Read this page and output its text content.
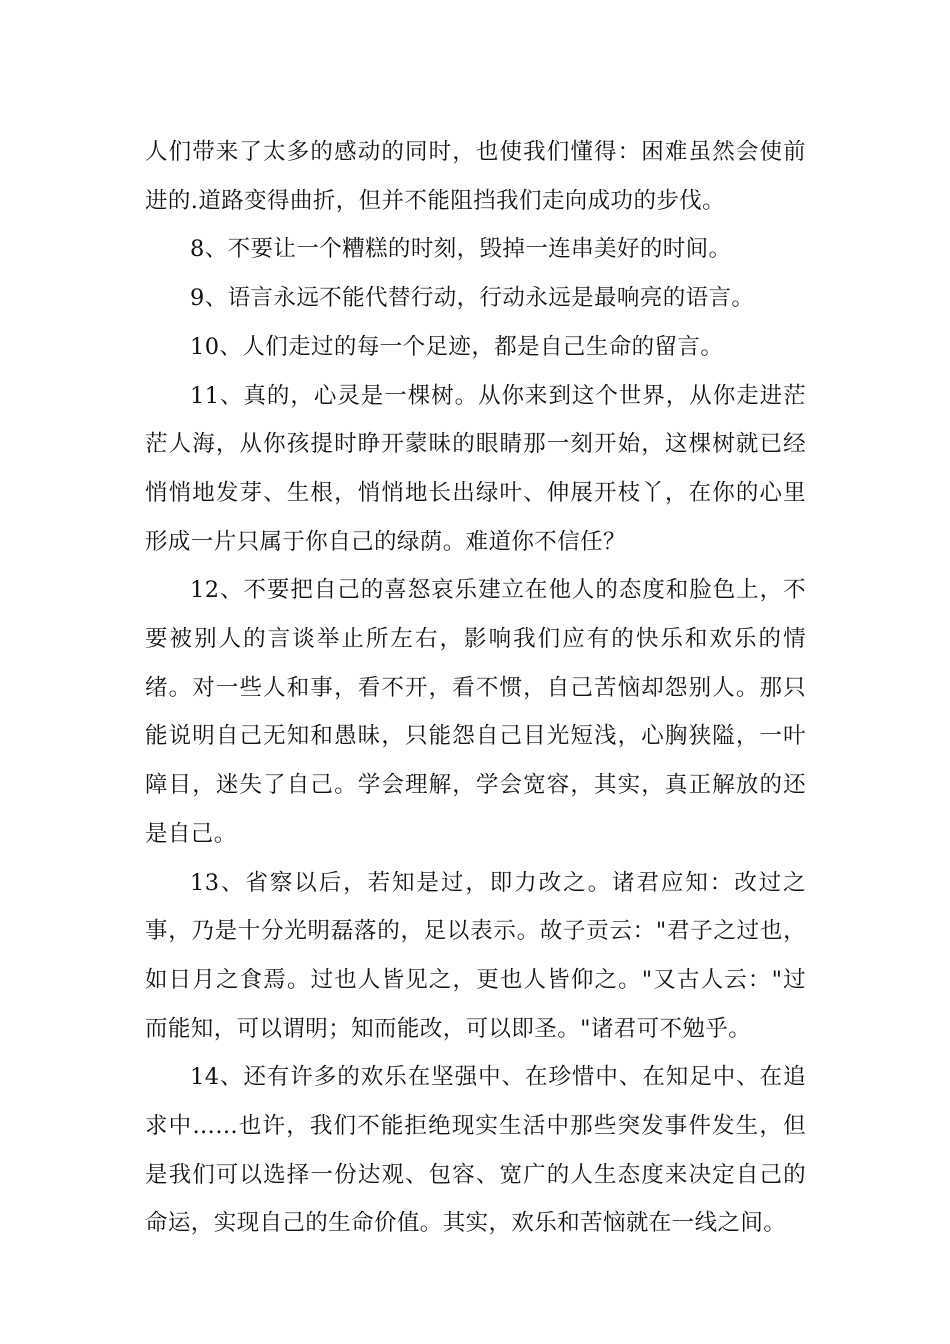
人们带来了太多的感动的同时，也使我们懂得：困难虽然会使前进的.道路变得曲折，但并不能阻挡我们走向成功的步伐。

8、不要让一个糟糕的时刻，毁掉一连串美好的时间。

9、语言永远不能代替行动，行动永远是最响亮的语言。

10、人们走过的每一个足迹，都是自己生命的留言。

11、真的，心灵是一棵树。从你来到这个世界，从你走进茫茫人海，从你孩提时睁开蒙昧的眼睛那一刻开始，这棵树就已经悄悄地发芽、生根，悄悄地长出绿叶、伸展开枝丫，在你的心里形成一片只属于你自己的绿荫。难道你不信任？

12、不要把自己的喜怒哀乐建立在他人的态度和脸色上，不要被别人的言谈举止所左右，影响我们应有的快乐和欢乐的情绪。对一些人和事，看不开，看不惯，自己苦恼却怨别人。那只能说明自己无知和愚昧，只能怨自己目光短浅，心胸狭隘，一叶障目，迷失了自己。学会理解，学会宽容，其实，真正解放的还是自己。

13、省察以后，若知是过，即力改之。诸君应知：改过之事，乃是十分光明磊落的，足以表示。故子贡云："君子之过也，如日月之食焉。过也人皆见之，更也人皆仰之。"又古人云："过而能知，可以谓明；知而能改，可以即圣。"诸君可不勉乎。

14、还有许多的欢乐在坚强中、在珍惜中、在知足中、在追求中……也许，我们不能拒绝现实生活中那些突发事件发生，但是我们可以选择一份达观、包容、宽广的人生态度来决定自己的命运，实现自己的生命价值。其实，欢乐和苦恼就在一线之间。
